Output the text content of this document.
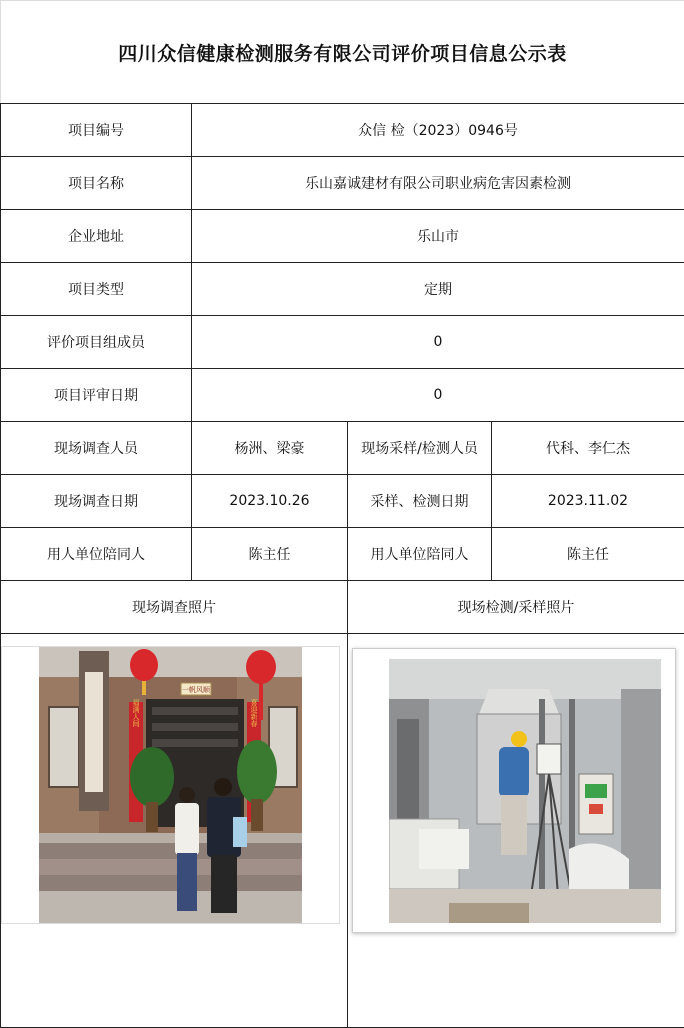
四川众信健康检测服务有限公司评价项目信息公示表			
项目编号	众信 检（2023）0946号		
项目名称	乐山嘉诚建材有限公司职业病危害因素检测		
企业地址	乐山市		
项目类型	定期		
评价项目组成员	0		
项目评审日期	0		
现场调查人员	杨洲、梁豪	现场采样/检测人员	代科、李仁杰
现场调查日期	2023.10.26	采样、检测日期	2023.11.02
用人单位陪同人	陈主任	用人单位陪同人	陈主任
现场调查照片		现场检测/采样照片	

一帆风顺
福满人间 喜迎新春
